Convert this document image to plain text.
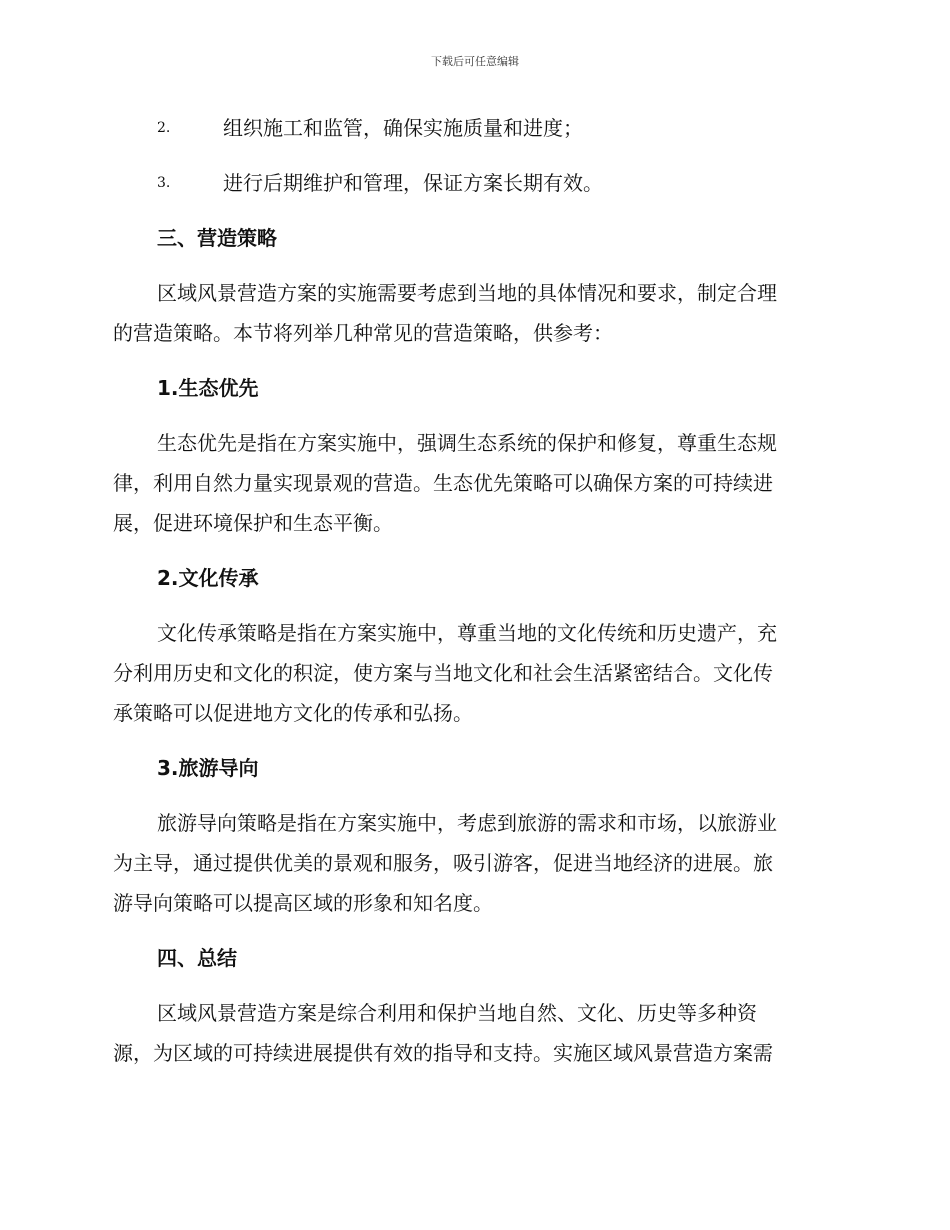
下载后可任意编辑
2.	组织施工和监管，确保实施质量和进度；
3.	进行后期维护和管理，保证方案长期有效。
三、营造策略

区域风景营造方案的实施需要考虑到当地的具体情况和要求，制定合理
的营造策略。本节将列举几种常见的营造策略，供参考：

1.生态优先

生态优先是指在方案实施中，强调生态系统的保护和修复，尊重生态规
律，利用自然力量实现景观的营造。生态优先策略可以确保方案的可持续进
展，促进环境保护和生态平衡。

2.文化传承

文化传承策略是指在方案实施中，尊重当地的文化传统和历史遗产，充
分利用历史和文化的积淀，使方案与当地文化和社会生活紧密结合。文化传
承策略可以促进地方文化的传承和弘扬。

3.旅游导向

旅游导向策略是指在方案实施中，考虑到旅游的需求和市场，以旅游业
为主导，通过提供优美的景观和服务，吸引游客，促进当地经济的进展。旅
游导向策略可以提高区域的形象和知名度。

四、总结

区域风景营造方案是综合利用和保护当地自然、文化、历史等多种资
源，为区域的可持续进展提供有效的指导和支持。实施区域风景营造方案需
